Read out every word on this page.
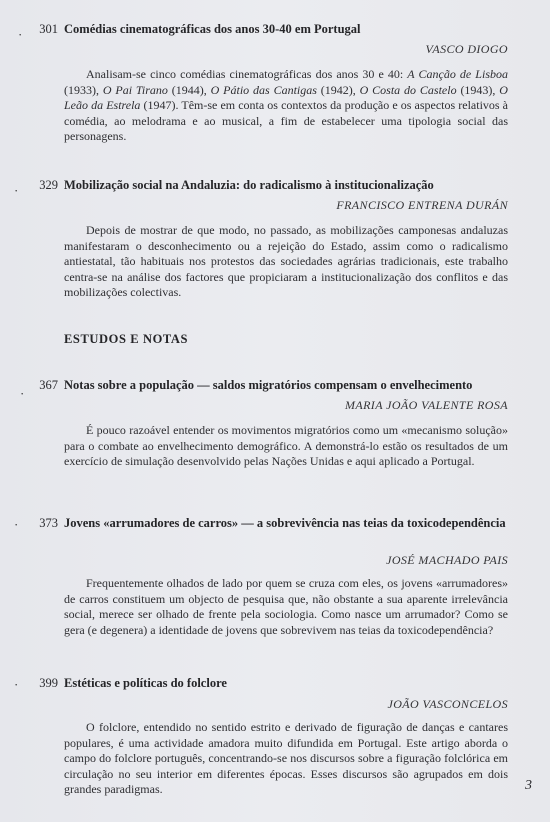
·	301 Comédias cinematográficas dos anos 30-40 em Portugal
VASCO DIOGO

Analisam-se cinco comédias cinematográficas dos anos 30 e 40: A Canção de Lisboa (1933), O Pai Tirano (1944), O Pátio das Cantigas (1942), O Costa do Castelo (1943), O Leão da Estrela (1947). Têm-se em conta os contextos da produção e os aspectos relativos à comédia, ao melodrama e ao musical, a fim de estabelecer uma tipologia social das personagens.

·	329 Mobilização social na Andaluzia: do radicalismo à institucionalização
FRANCISCO ENTRENA DURÁN

Depois de mostrar de que modo, no passado, as mobilizações camponesas andaluzas manifestaram o desconhecimento ou a rejeição do Estado, assim como o radicalismo antiestatal, tão habituais nos protestos das sociedades agrárias tradicionais, este trabalho centra-se na análise dos factores que propiciaram a institucionalização dos conflitos e das mobilizações colectivas.

ESTUDOS E NOTAS
·
367 Notas sobre a população — saldos migratórios compensam o envelhecimento
MARIA JOÃO VALENTE ROSA

É pouco razoável entender os movimentos migratórios como um «mecanismo solução» para o combate ao envelhecimento demográfico. A demonstrá-lo estão os resultados de um exercício de simulação desenvolvido pelas Nações Unidas e aqui aplicado a Portugal.

·	373 Jovens «arrumadores de carros» — a sobrevivência nas teias da toxicodependência
JOSÉ MACHADO PAIS

Frequentemente olhados de lado por quem se cruza com eles, os jovens «arrumadores» de carros constituem um objecto de pesquisa que, não obstante a sua aparente irrelevância social, merece ser olhado de frente pela sociologia. Como nasce um arrumador? Como se gera (e degenera) a identidade de jovens que sobrevivem nas teias da toxicodependência?

·	399 Estéticas e políticas do folclore
JOÃO VASCONCELOS

O folclore, entendido no sentido estrito e derivado de figuração de danças e cantares populares, é uma actividade amadora muito difundida em Portugal. Este artigo aborda o campo do folclore português, concentrando-se nos discursos sobre a figuração folclórica em circulação no seu interior em diferentes épocas. Esses discursos são agrupados em dois grandes paradigmas.	3
